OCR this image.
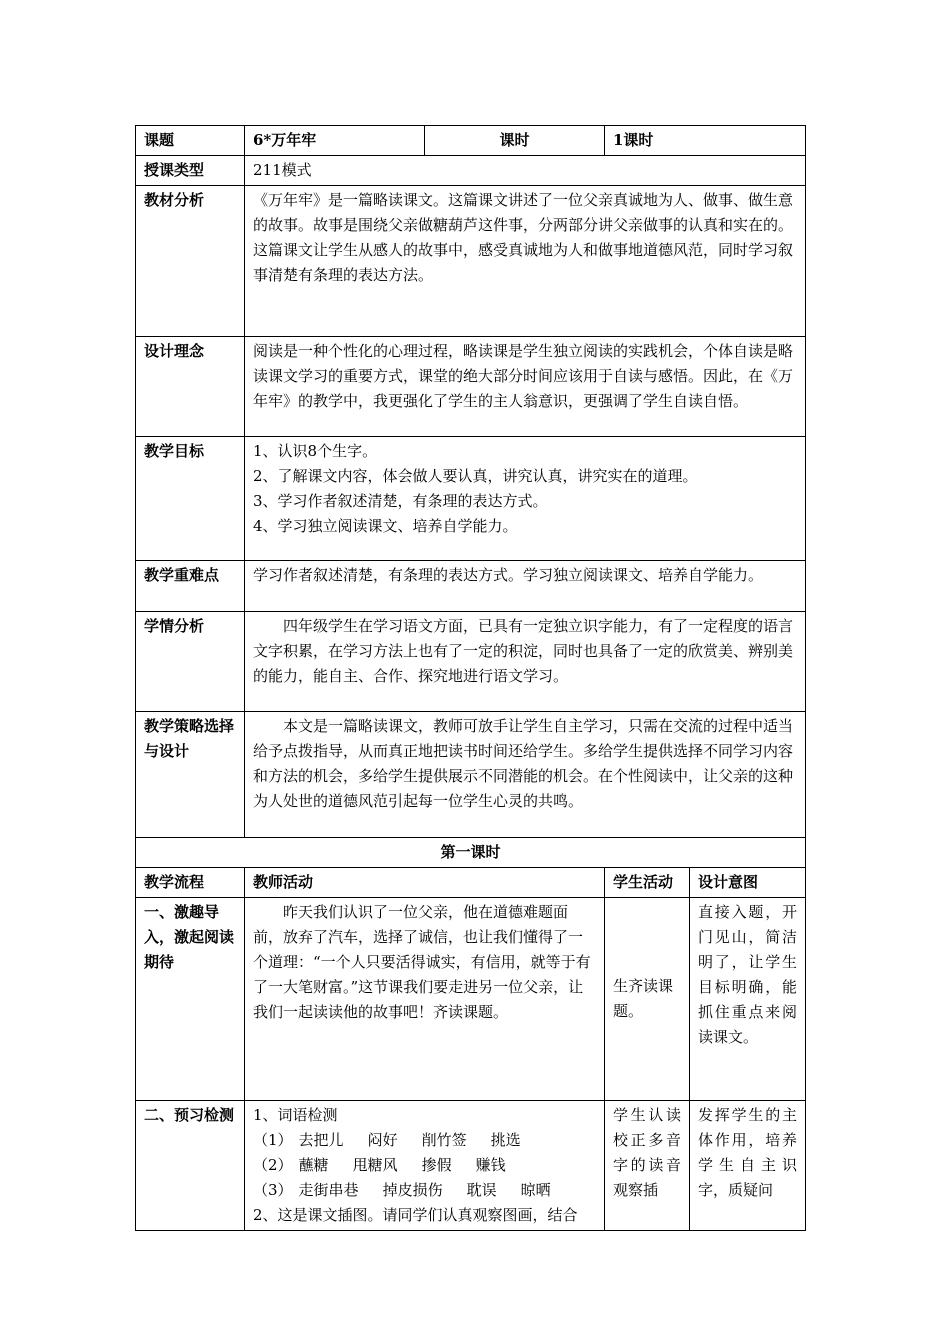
课题	6*万年牢	课时	1课时	
授课类型	211模式			
教材分析	《万年牢》是一篇略读课文。这篇课文讲述了一位父亲真诚地为人、做事、做生意的故事。故事是围绕父亲做糖葫芦这件事，分两部分讲父亲做事的认真和实在的。这篇课文让学生从感人的故事中，感受真诚地为人和做事地道德风范，同时学习叙事清楚有条理的表达方法。			
设计理念	阅读是一种个性化的心理过程，略读课是学生独立阅读的实践机会，个体自读是略读课文学习的重要方式，课堂的绝大部分时间应该用于自读与感悟。因此，在《万年牢》的教学中，我更强化了学生的主人翁意识，更强调了学生自读自悟。			
教学目标	1、认识8个生字。
2、了解课文内容，体会做人要认真，讲究认真，讲究实在的道理。
3、学习作者叙述清楚，有条理的表达方式。
4、学习独立阅读课文、培养自学能力。			

教学重难点	学习作者叙述清楚，有条理的表达方式。学习独立阅读课文、培养自学能力。			
学情分析	四年级学生在学习语文方面，已具有一定独立识字能力，有了一定程度的语言文字积累，在学习方法上也有了一定的积淀，同时也具备了一定的欣赏美、辨别美的能力，能自主、合作、探究地进行语文学习。			
教学策略选择与设计	本文是一篇略读课文，教师可放手让学生自主学习，只需在交流的过程中适当给予点拨指导，从而真正地把读书时间还给学生。多给学生提供选择不同学习内容和方法的机会，多给学生提供展示不同潜能的机会。在个性阅读中，让父亲的这种为人处世的道德风范引起每一位学生心灵的共鸣。			
第一课时				
教学流程	教师活动		学生活动	设计意图
一、激趣导入，激起阅读期待	昨天我们认识了一位父亲，他在道德难题面前，放弃了汽车，选择了诚信，也让我们懂得了一个道理：“一个人只要活得诚实，有信用，就等于有了一大笔财富。”这节课我们要走进另一位父亲，让我们一起读读他的故事吧！齐读课题。		生齐读课题。	直接入题，开门见山，简洁明了，让学生目标明确，能抓住重点来阅读课文。
二、预习检测	1、词语检测
（1） 去把儿 闷好 削竹签 挑选
（2） 蘸糖 甩糖风 掺假 赚钱
（3） 走街串巷 掉皮损伤 耽误 晾晒
2、这是课文插图。请同学们认真观察图画，结合		学生认读校正多音字的读音观察插	发挥学生的主体作用，培养学生自主识字，质疑问
